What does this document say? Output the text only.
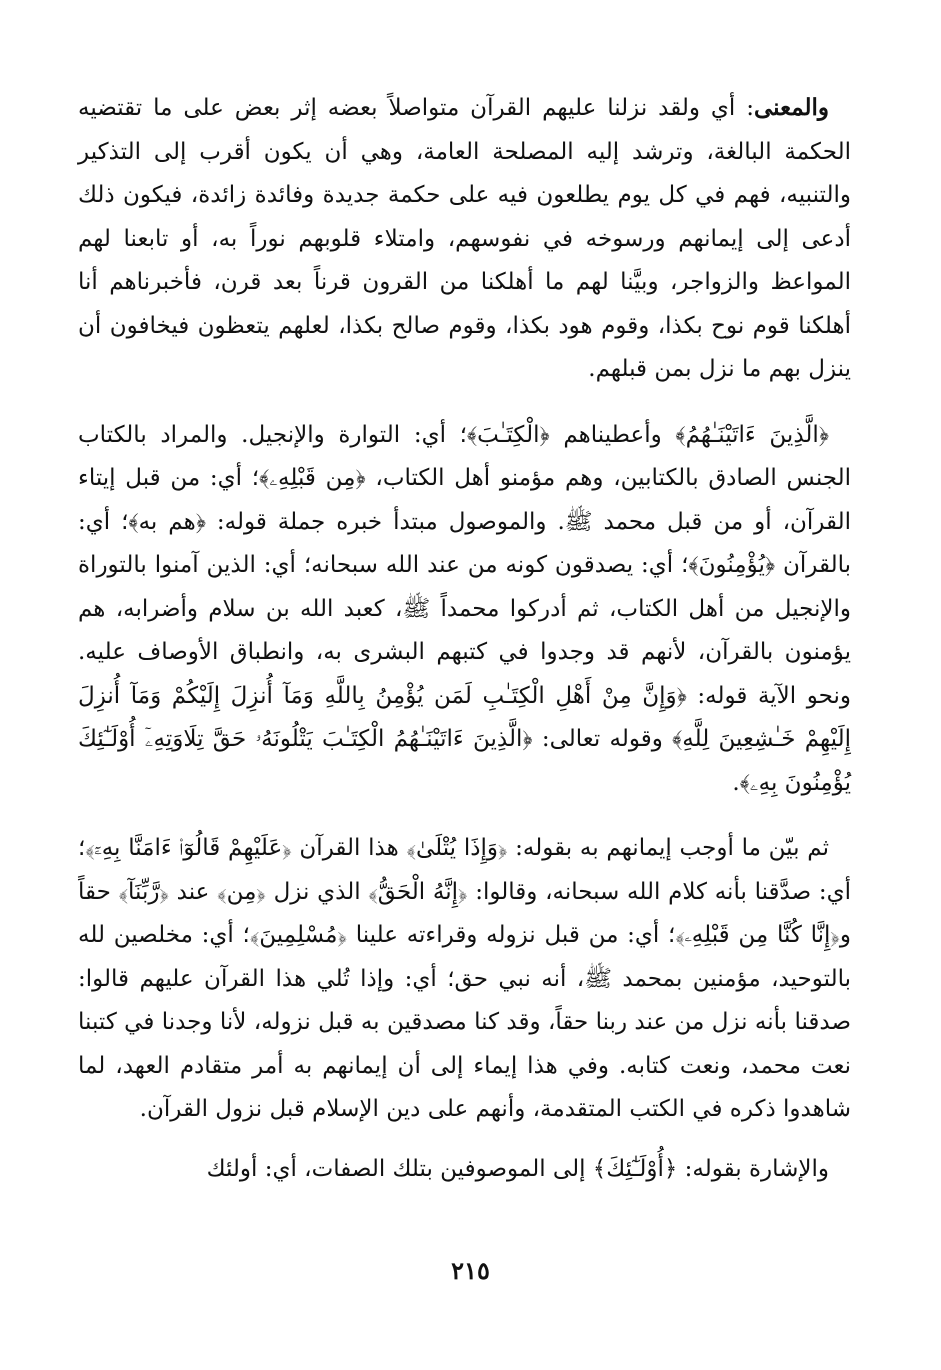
والمعنى: أي ولقد نزلنا عليهم القرآن متواصلاً بعضه إثر بعض على ما تقتضيه الحكمة البالغة، وترشد إليه المصلحة العامة، وهي أن يكون أقرب إلى التذكير والتنبيه، فهم في كل يوم يطلعون فيه على حكمة جديدة وفائدة زائدة، فيكون ذلك أدعى إلى إيمانهم ورسوخه في نفوسهم، وامتلاء قلوبهم نوراً به، أو تابعنا لهم المواعظ والزواجر، وبيَّنا لهم ما أهلكنا من القرون قرناً بعد قرن، فأخبرناهم أنا أهلكنا قوم نوح بكذا، وقوم هود بكذا، وقوم صالح بكذا، لعلهم يتعظون فيخافون أن ينزل بهم ما نزل بمن قبلهم.

﴿الَّذِينَ ءَاتَيْنَـٰهُمُ﴾ وأعطيناهم ﴿الْكِتَـٰبَ﴾؛ أي: التوارة والإنجيل. والمراد بالكتاب الجنس الصادق بالكتابين، وهم مؤمنو أهل الكتاب، ﴿مِن قَبْلِهِۦ﴾؛ أي: من قبل إيتاء القرآن، أو من قبل محمد ﷺ. والموصول مبتدأ خبره جملة قوله: ﴿هم به﴾؛ أي: بالقرآن ﴿يُؤْمِنُونَ﴾؛ أي: يصدقون كونه من عند الله سبحانه؛ أي: الذين آمنوا بالتوراة والإنجيل من أهل الكتاب، ثم أدركوا محمداً ﷺ، كعبد الله بن سلام وأضرابه، هم يؤمنون بالقرآن، لأنهم قد وجدوا في كتبهم البشرى به، وانطباق الأوصاف عليه. ونحو الآية قوله: ﴿وَإِنَّ مِنْ أَهْلِ الْكِتَـٰبِ لَمَن يُؤْمِنُ بِاللَّهِ وَمَآ أُنزِلَ إِلَيْكُمْ وَمَآ أُنزِلَ إِلَيْهِمْ خَـٰشِعِينَ لِلَّهِ﴾ وقوله تعالى: ﴿الَّذِينَ ءَاتَيْنَـٰهُمُ الْكِتَـٰبَ يَتْلُونَهُۥ حَقَّ تِلَاوَتِهِۦٓ أُوْلَـٰٓئِكَ يُؤْمِنُونَ بِهِۦ﴾.

ثم بيّن ما أوجب إيمانهم به بقوله: ﴿وَإِذَا يُتْلَىٰ﴾ هذا القرآن ﴿عَلَيْهِمْ قَالُوٓا۟ ءَامَنَّا بِهِۦٓ﴾؛ أي: صدَّقنا بأنه كلام الله سبحانه، وقالوا: ﴿إِنَّهُ الْحَقُّ﴾ الذي نزل ﴿مِن﴾ عند ﴿رَّبِّنَآ﴾ حقاً و﴿إِنَّا كُنَّا مِن قَبْلِهِۦ﴾؛ أي: من قبل نزوله وقراءته علينا ﴿مُسْلِمِينَ﴾؛ أي: مخلصين لله بالتوحيد، مؤمنين بمحمد ﷺ، أنه نبي حق؛ أي: وإذا تُلي هذا القرآن عليهم قالوا: صدقنا بأنه نزل من عند ربنا حقاً، وقد كنا مصدقين به قبل نزوله، لأنا وجدنا في كتبنا نعت محمد، ونعت كتابه. وفي هذا إيماء إلى أن إيمانهم به أمر متقادم العهد، لما شاهدوا ذكره في الكتب المتقدمة، وأنهم على دين الإسلام قبل نزول القرآن.

والإشارة بقوله: ﴿أُوْلَـٰٓئِكَ﴾ إلى الموصوفين بتلك الصفات، أي: أولئك

٢١٥
